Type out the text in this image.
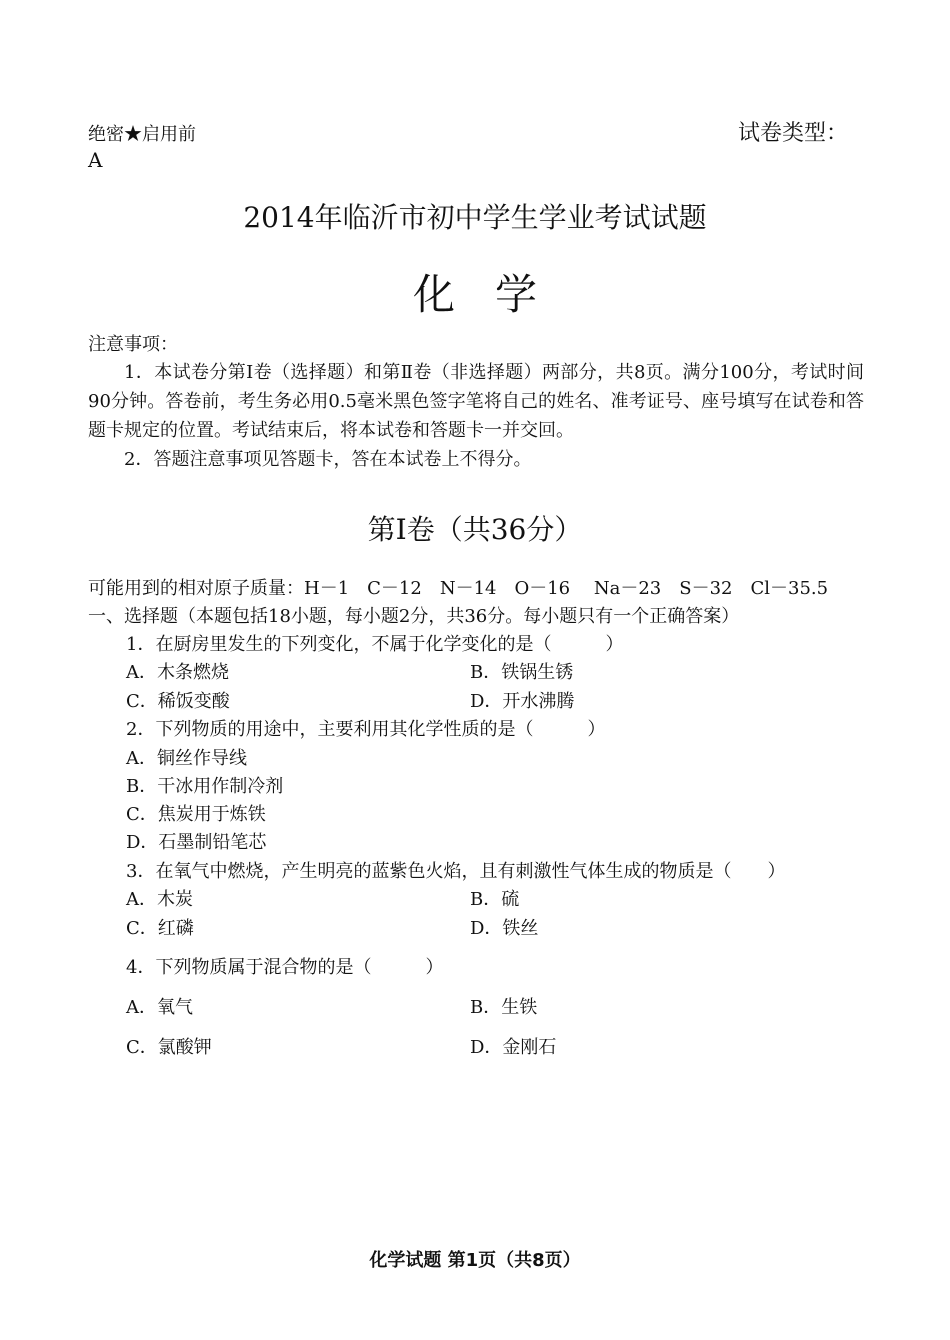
绝密★启用前	试卷类型：
A
2014年临沂市初中学生学业考试试题
化学
注意事项：
1．本试卷分第Ⅰ卷（选择题）和第Ⅱ卷（非选择题）两部分，共8页。满分100分，考试时间90分钟。答卷前，考生务必用0.5毫米黑色签字笔将自己的姓名、准考证号、座号填写在试卷和答题卡规定的位置。考试结束后，将本试卷和答题卡一并交回。
2．答题注意事项见答题卡，答在本试卷上不得分。
第Ⅰ卷（共36分）
可能用到的相对原子质量：H－1　C－12　N－14　O－16　 Na－23　S－32　Cl－35.5
一、选择题（本题包括18小题，每小题2分，共36分。每小题只有一个正确答案）
1．在厨房里发生的下列变化，不属于化学变化的是（　　　）
A．木条燃烧	B．铁锅生锈
C．稀饭变酸	D．开水沸腾
2．下列物质的用途中，主要利用其化学性质的是（　　　）
A．铜丝作导线
B．干冰用作制冷剂
C．焦炭用于炼铁
D．石墨制铅笔芯
3．在氧气中燃烧，产生明亮的蓝紫色火焰，且有刺激性气体生成的物质是（　　）
A．木炭	B．硫
C．红磷	D．铁丝
4．下列物质属于混合物的是（　　　）
A．氧气	B．生铁
C．氯酸钾	D．金刚石
化学试题 第1页（共8页）
